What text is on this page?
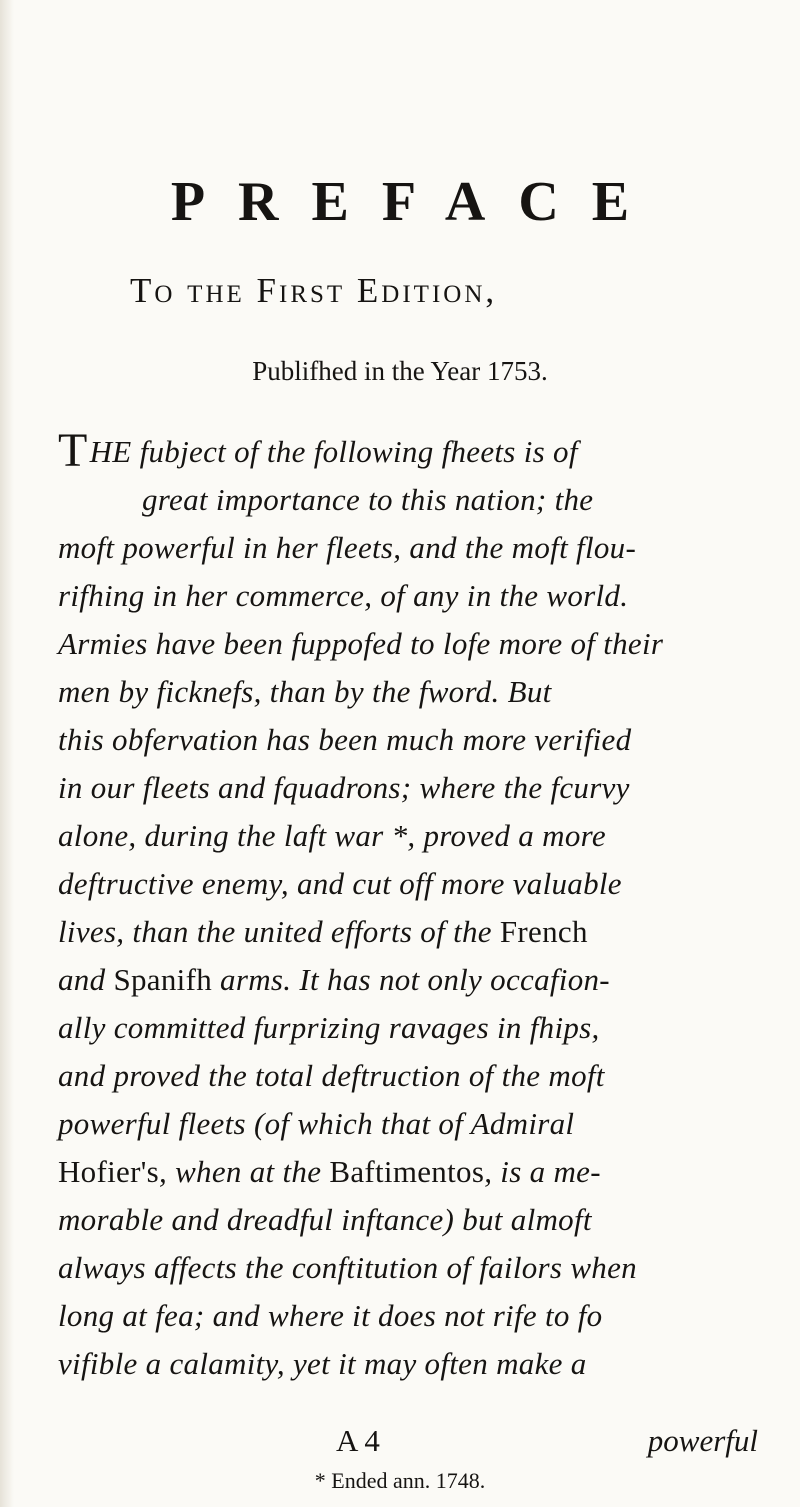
PREFACE
To the First Edition,
Publifhed in the Year 1753.
THE fubject of the following fheets is of
great importance to this nation; the
moft powerful in her fleets, and the moft flou-
rifhing in her commerce, of any in the world.
Armies have been fuppofed to lofe more of their
men by ficknefs, than by the fword. But
this obfervation has been much more verified
in our fleets and fquadrons; where the fcurvy
alone, during the laft war *, proved a more
deftructive enemy, and cut off more valuable
lives, than the united efforts of the French
and Spanifh arms. It has not only occafion-
ally committed furprizing ravages in fhips,
and proved the total deftruction of the moft
powerful fleets (of which that of Admiral
Hofier's, when at the Baftimentos, is a me-
morable and dreadful inftance) but almoft
always affects the conftitution of failors when
long at fea; and where it does not rife to fo
vifible a calamity, yet it may often make a
A 4	powerful
* Ended ann. 1748.
